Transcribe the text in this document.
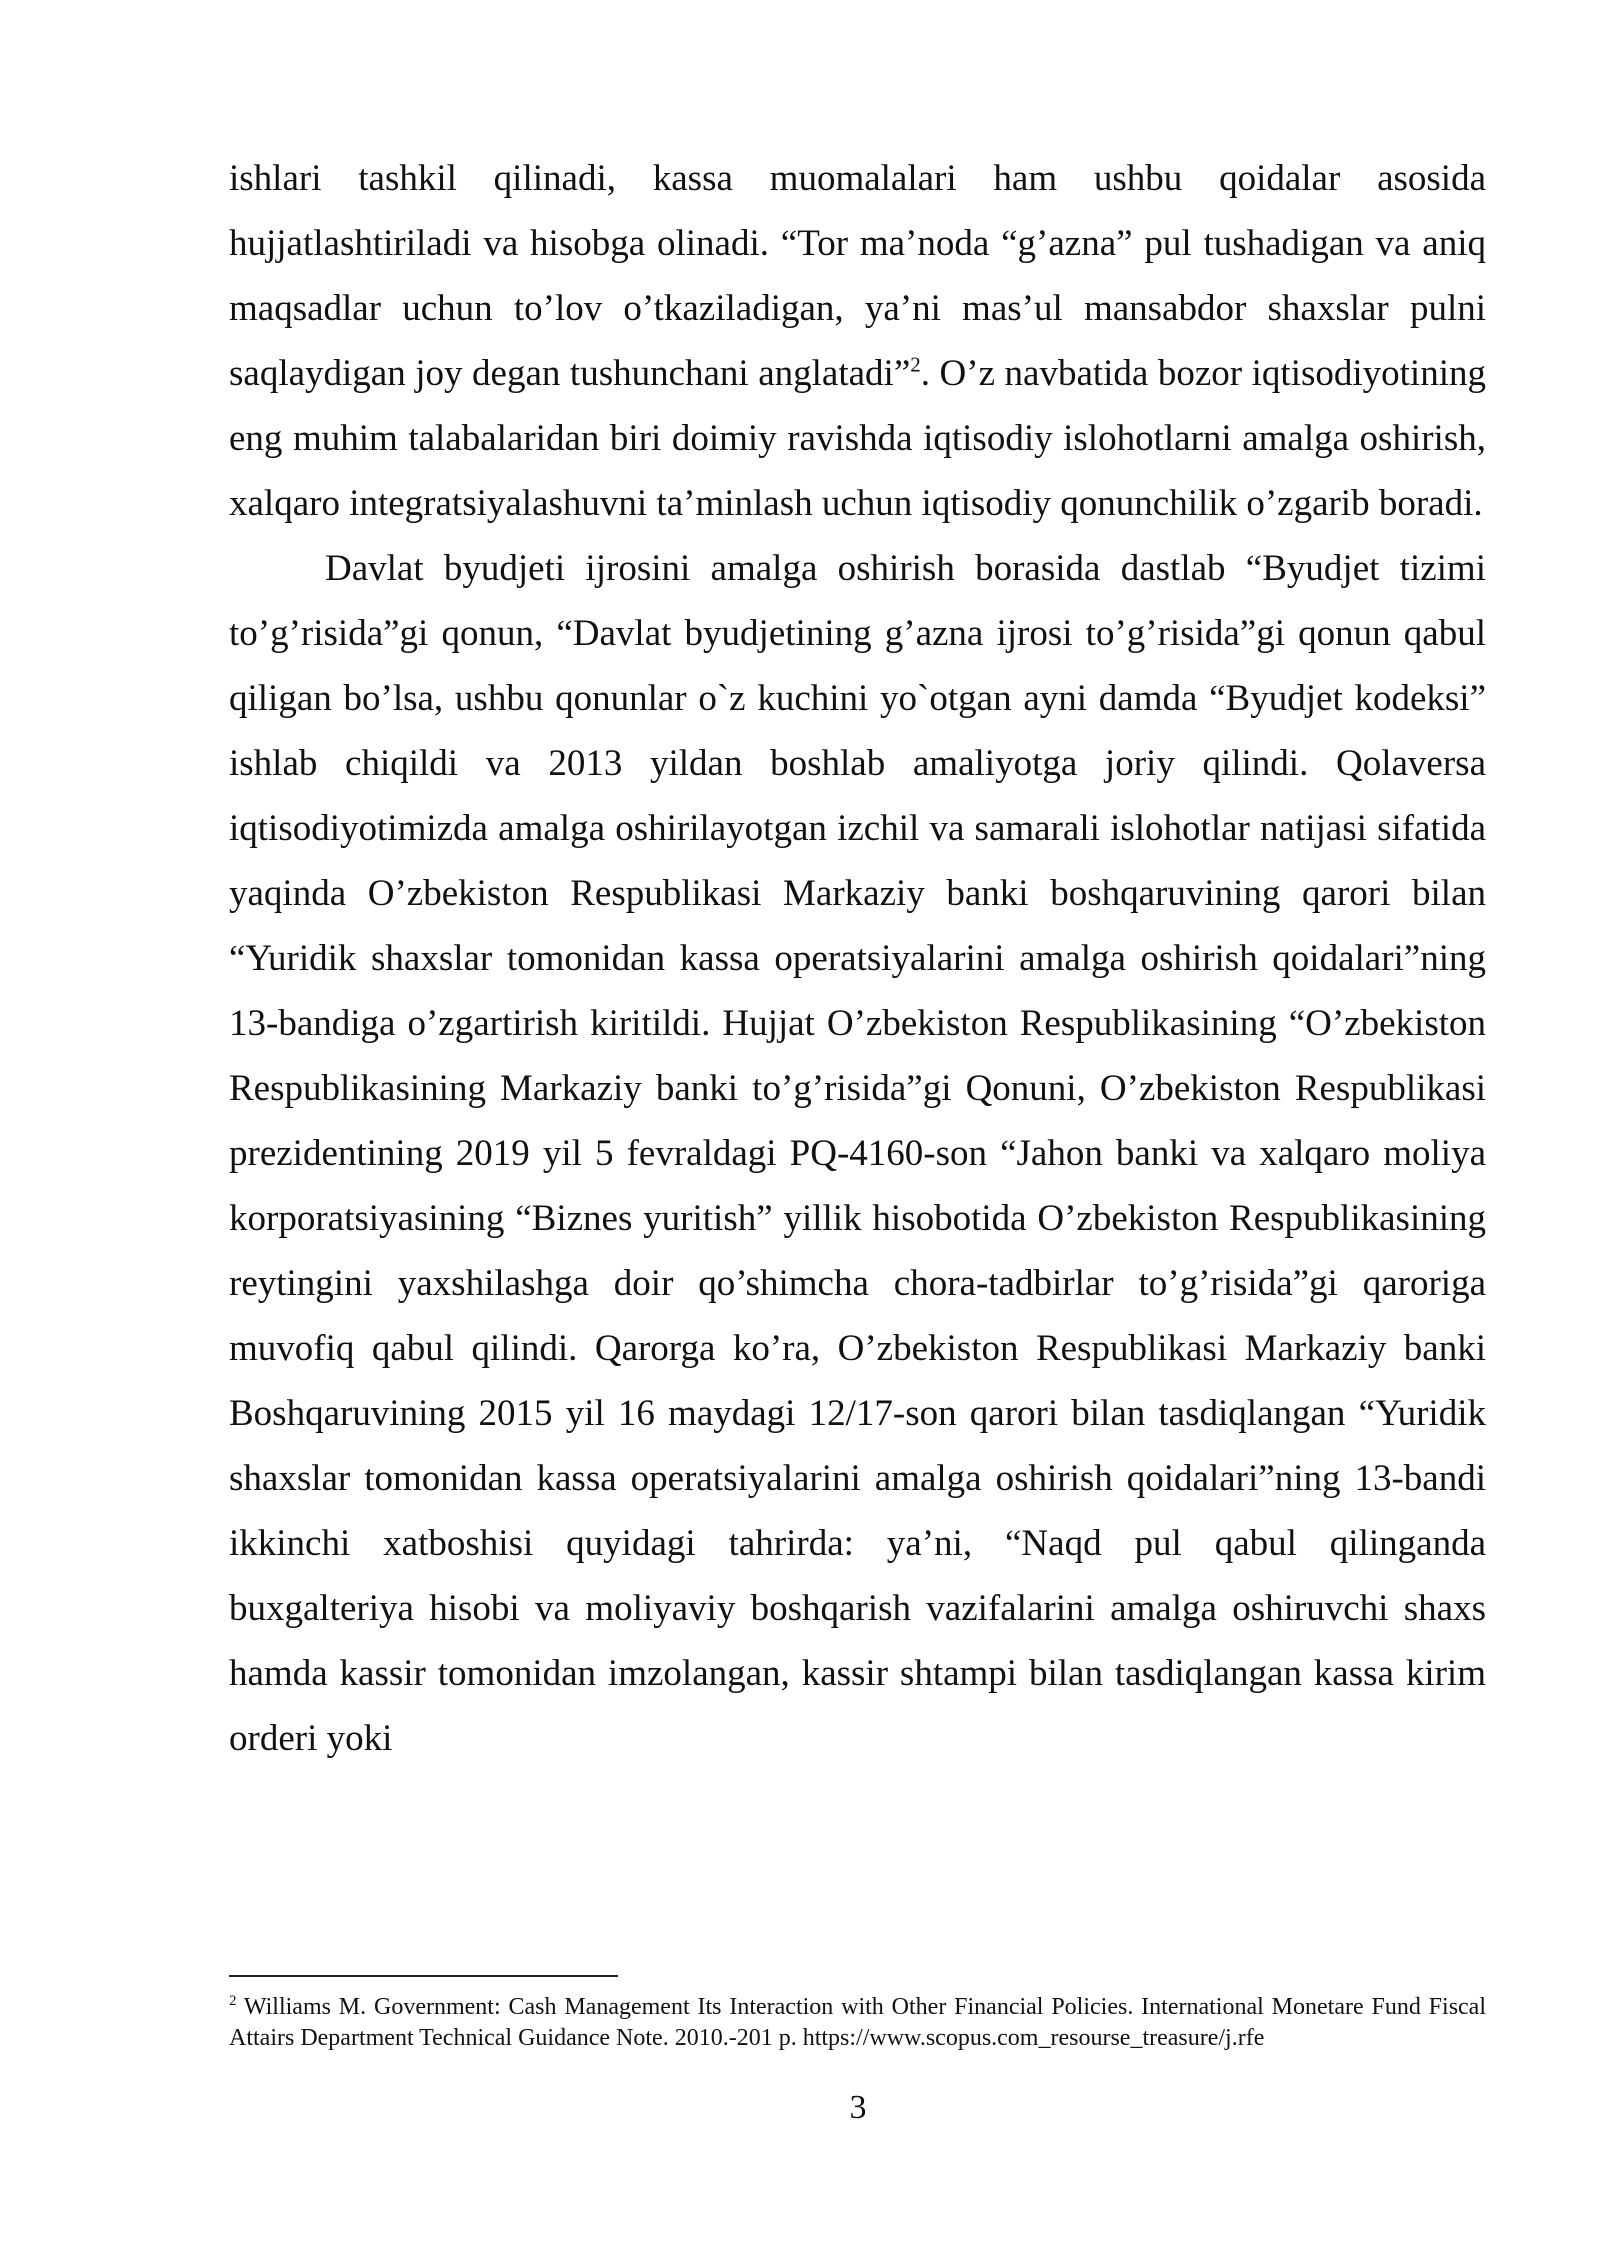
ishlari tashkil qilinadi, kassa muomalalari ham ushbu qoidalar asosida hujjatlashtiriladi va hisobga olinadi. “Tor ma’noda “g’azna” pul tushadigan va aniq maqsadlar uchun to’lov o’tkaziladigan, ya’ni mas’ul mansabdor shaxslar pulni saqlaydigan joy degan tushunchani anglatadi”$^2$. O’z navbatida bozor iqtisodiyotining eng muhim talabalaridan biri doimiy ravishda iqtisodiy islohotlarni amalga oshirish, xalqaro integratsiyalashuvni ta’minlash uchun iqtisodiy qonunchilik o’zgarib boradi.

Davlat byudjeti ijrosini amalga oshirish borasida dastlab “Byudjet tizimi to’g’risida”gi qonun, “Davlat byudjetining g’azna ijrosi to’g’risida”gi qonun qabul qiligan bo’lsa, ushbu qonunlar o`z kuchini yo`otgan ayni damda “Byudjet kodeksi” ishlab chiqildi va 2013 yildan boshlab amaliyotga joriy qilindi. Qolaversa iqtisodiyotimizda amalga oshirilayotgan izchil va samarali islohotlar natijasi sifatida yaqinda O’zbekiston Respublikasi Markaziy banki boshqaruvining qarori bilan “Yuridik shaxslar tomonidan kassa operatsiyalarini amalga oshirish qoidalari”ning 13-bandiga o’zgartirish kiritildi. Hujjat O’zbekiston Respublikasining “O’zbekiston Respublikasining Markaziy banki to’g’risida”gi Qonuni, O’zbekiston Respublikasi prezidentining 2019 yil 5 fevraldagi PQ-4160-son “Jahon banki va xalqaro moliya korporatsiyasining “Biznes yuritish” yillik hisobotida O’zbekiston Respublikasining reytingini yaxshilashga doir qo’shimcha chora-tadbirlar to’g’risida”gi qaroriga muvofiq qabul qilindi. Qarorga ko’ra, O’zbekiston Respublikasi Markaziy banki Boshqaruvining 2015 yil 16 maydagi 12/17-son qarori bilan tasdiqlangan “Yuridik shaxslar tomonidan kassa operatsiyalarini amalga oshirish qoidalari”ning 13-bandi ikkinchi xatboshisi quyidagi tahrirda: ya’ni, “Naqd pul qabul qilinganda buxgalteriya hisobi va moliyaviy boshqarish vazifalarini amalga oshiruvchi shaxs hamda kassir tomonidan imzolangan, kassir shtampi bilan tasdiqlangan kassa kirim orderi yoki

$^2$ Williams M. Government: Cash Management Its Interaction with Other Financial Policies. International Monetare Fund Fiscal Attairs Department Technical Guidance Note. 2010.-201 p. https://www.scopus.com_resourse_treasure/j.rfe
3
